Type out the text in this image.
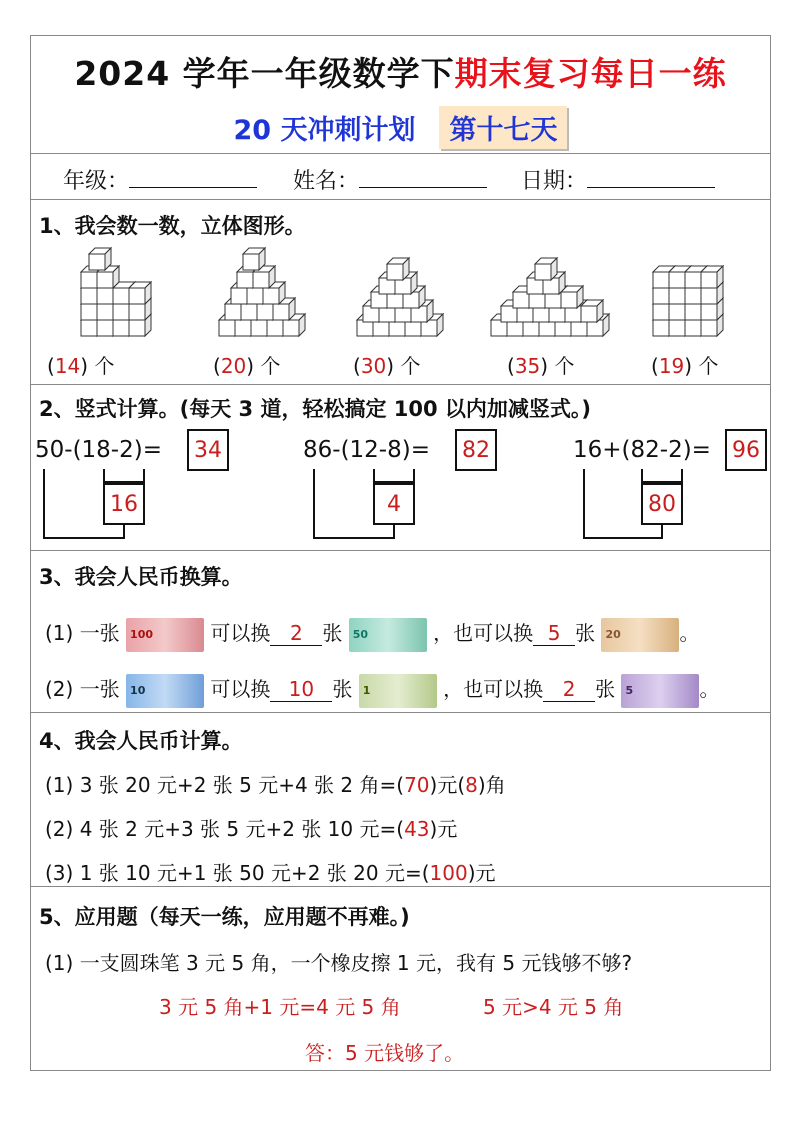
2024 学年一年级数学下期末复习每日一练
20 天冲刺计划 第十七天
年级：	姓名：	日期：
1、我会数一数，立体图形。
(14) 个	(20) 个	(30) 个	(35) 个	(19) 个
2、竖式计算。(每天 3 道，轻松搞定 100 以内加减竖式。)
50-(18-2)=	34
16
86-(12-8)=	82
4
16+(82-2)= 96
80
3、我会人民币换算。
(1) 一张 100	可以换 2 张 50	，也可以换 5 张 20	。
(2) 一张 10	可以换 10 张 1	，也可以换 2 张 5	。
4、我会人民币计算。
(1) 3 张 20 元+2 张 5 元+4 张 2 角=(70)元(8)角
(2) 4 张 2 元+3 张 5 元+2 张 10 元=(43)元
(3) 1 张 10 元+1 张 50 元+2 张 20 元=(100)元
5、应用题（每天一练，应用题不再难。)
(1) 一支圆珠笔 3 元 5 角，一个橡皮擦 1 元，我有 5 元钱够不够?
3 元 5 角+1 元=4 元 5 角	5 元>4 元 5 角
答：5 元钱够了。
